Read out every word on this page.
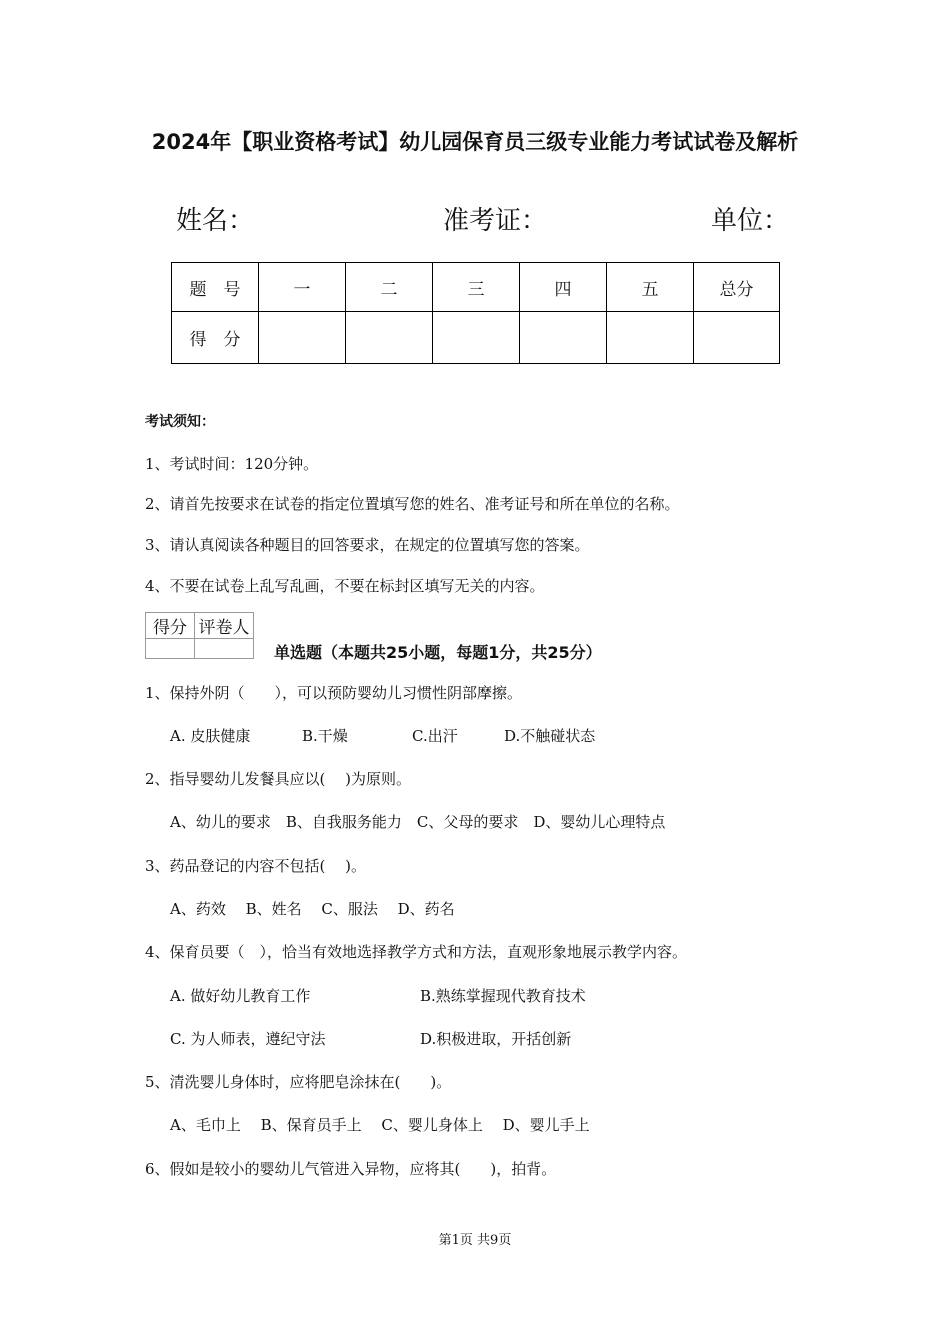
2024年【职业资格考试】幼儿园保育员三级专业能力考试试卷及解析
姓名：	准考证：	单位：
题　号	一	二	三	四	五	总分
得　分						
考试须知：
1、考试时间：120分钟。
2、请首先按要求在试卷的指定位置填写您的姓名、准考证号和所在单位的名称。
3、请认真阅读各种题目的回答要求，在规定的位置填写您的答案。
4、不要在试卷上乱写乱画，不要在标封区填写无关的内容。
得分	评卷人

单选题（本题共25小题，每题1分，共25分）
1、保持外阴（　　），可以预防婴幼儿习惯性阴部摩擦。
A. 皮肤健康	B.干燥	C.出汗	D.不触碰状态
2、指导婴幼儿发餐具应以(　 )为原则。
A、幼儿的要求　B、自我服务能力　C、父母的要求　D、婴幼儿心理特点
3、药品登记的内容不包括(　 )。
A、药效　 B、姓名　 C、服法　 D、药名
4、保育员要（　），恰当有效地选择教学方式和方法，直观形象地展示教学内容。
A. 做好幼儿教育工作	B.熟练掌握现代教育技术
C. 为人师表，遵纪守法	D.积极进取，开括创新
5、清洗婴儿身体时，应将肥皂涂抹在(　　)。
A、毛巾上　 B、保育员手上　 C、婴儿身体上　 D、婴儿手上
6、假如是较小的婴幼儿气管进入异物，应将其(　　)，拍背。
第1页 共9页
